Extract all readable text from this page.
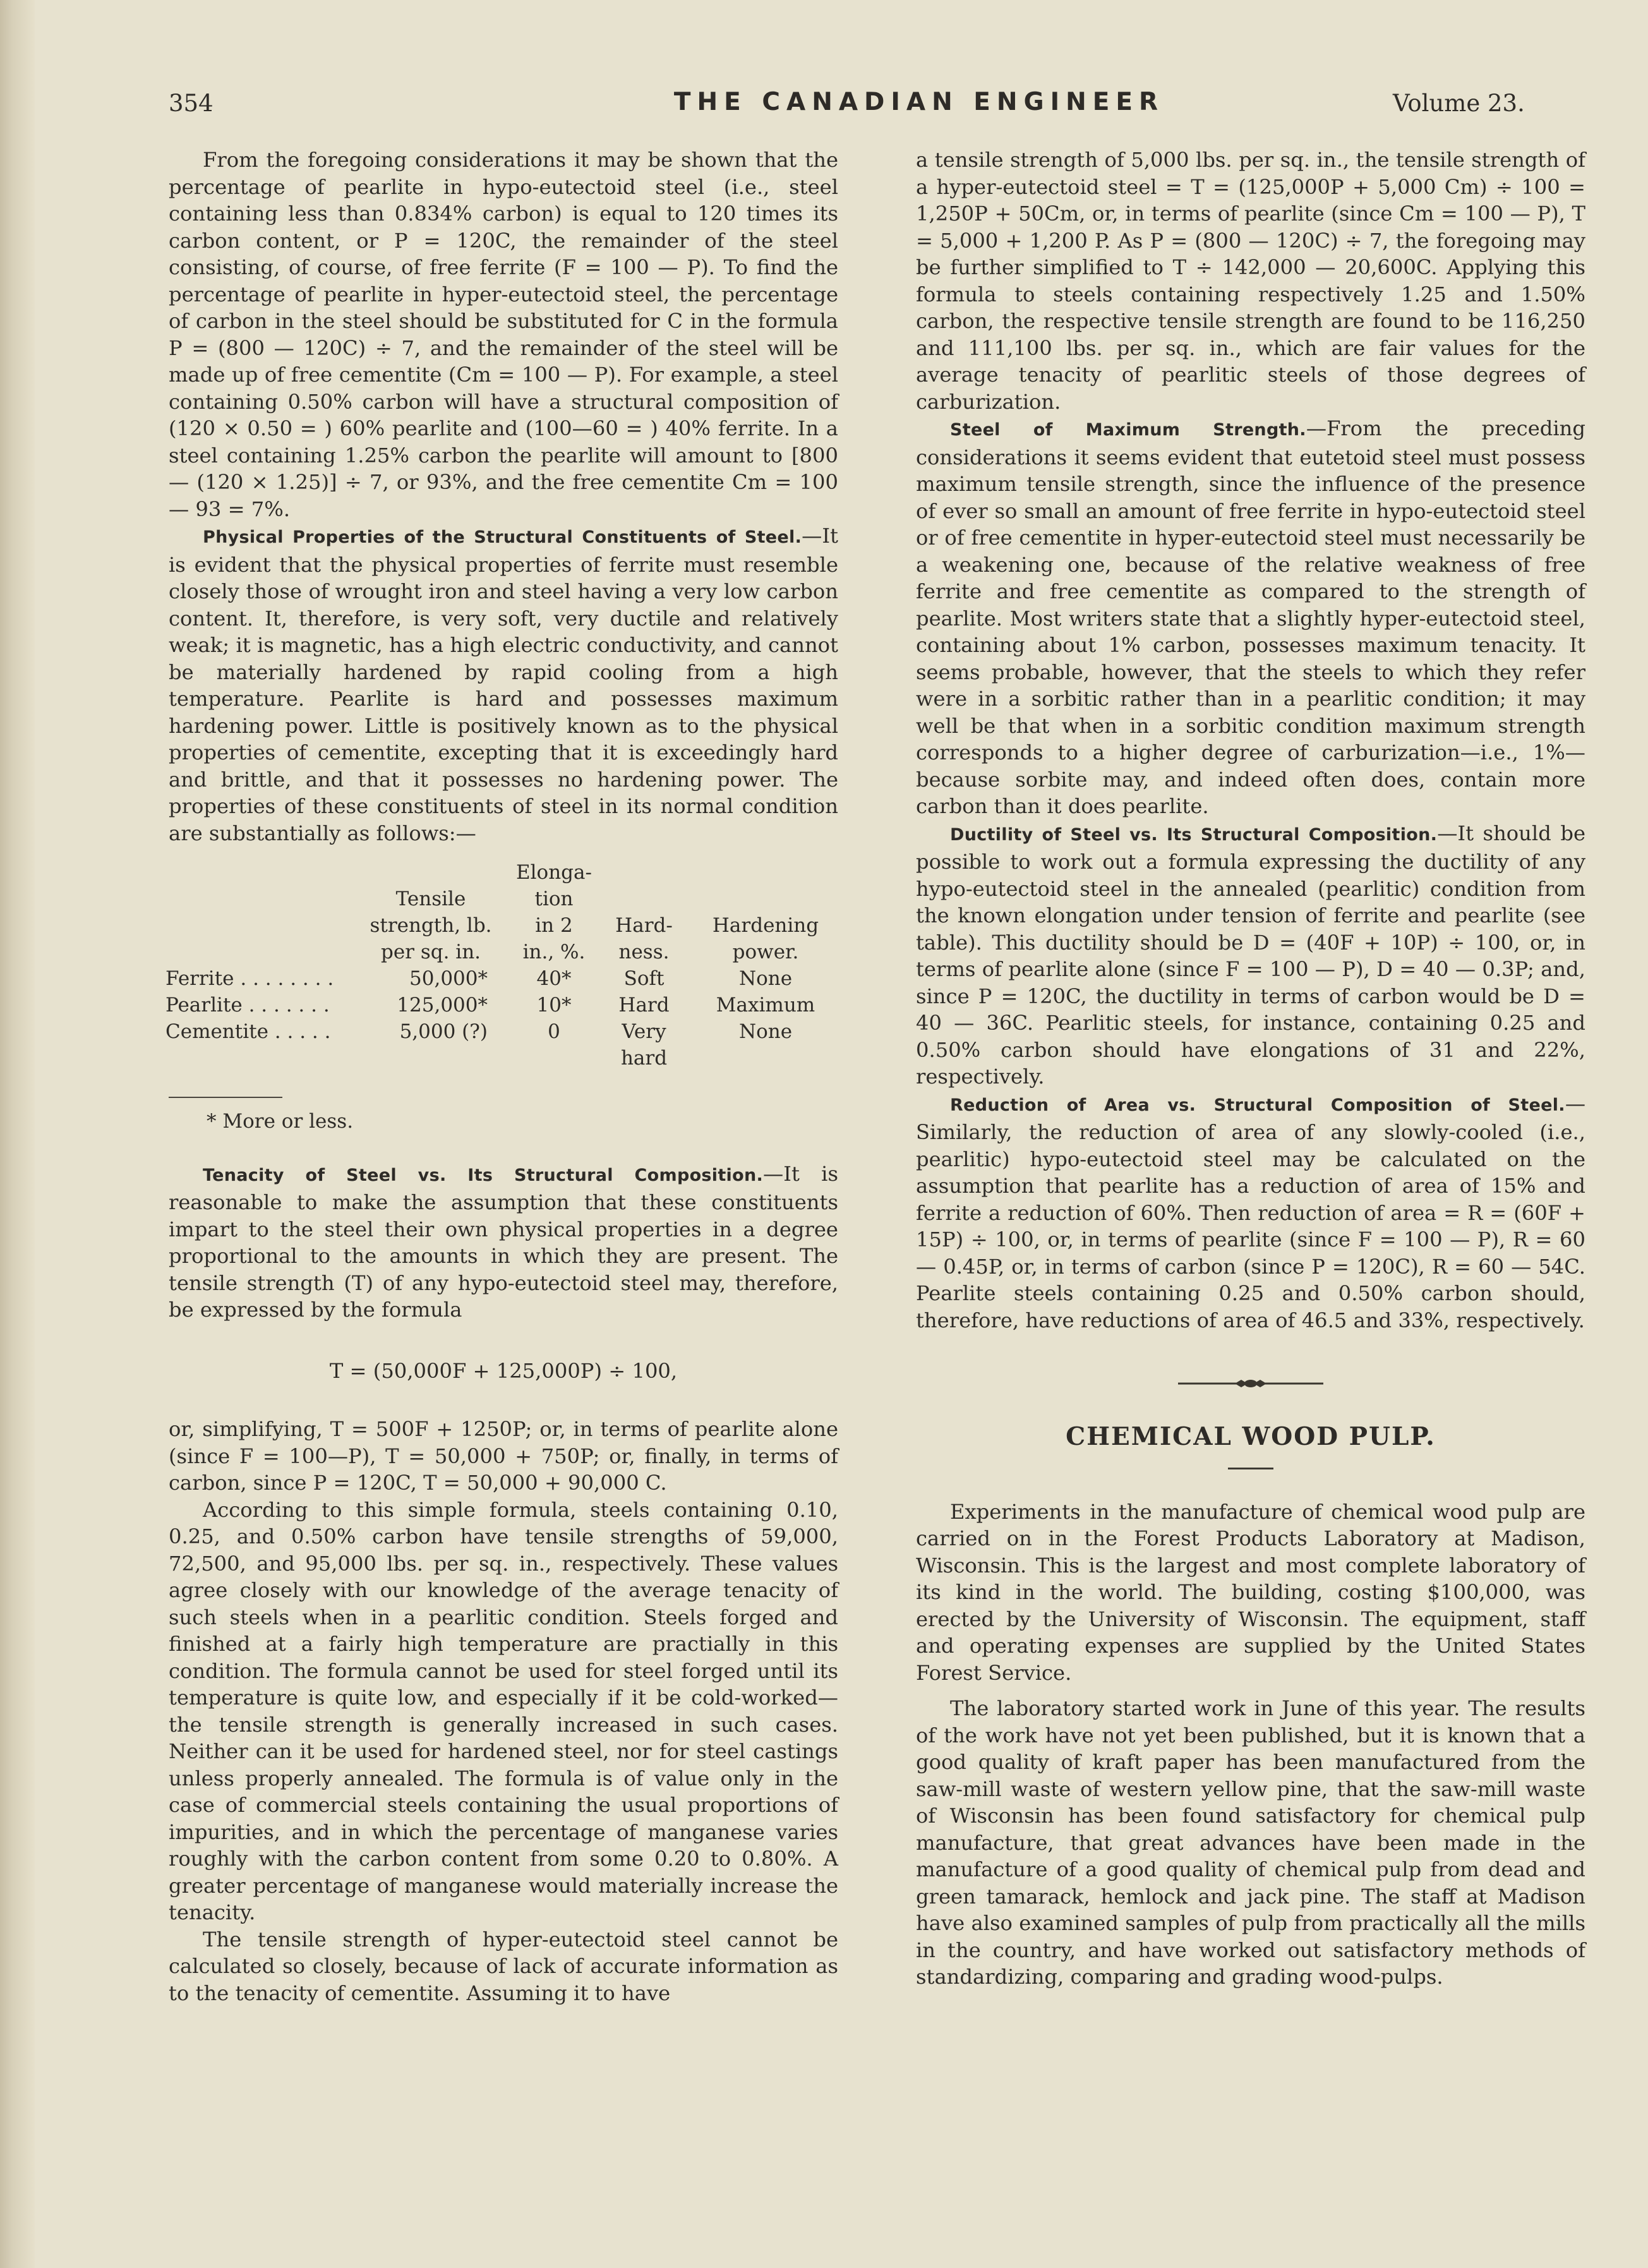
354	THE CANADIAN ENGINEER	Volume 23.

From the foregoing considerations it may be shown that the percentage of pearlite in hypo-eutectoid steel (i.e., steel containing less than 0.834% carbon) is equal to 120 times its carbon content, or P = 120C, the remainder of the steel consisting, of course, of free ferrite (F = 100 — P). To find the percentage of pearlite in hyper-eutectoid steel, the percentage of carbon in the steel should be substituted for C in the formula P = (800 — 120C) ÷ 7, and the remainder of the steel will be made up of free cementite (Cm = 100 — P). For example, a steel containing 0.50% carbon will have a structural composition of (120 × 0.50 = ) 60% pearlite and (100—60 = ) 40% ferrite. In a steel containing 1.25% carbon the pearlite will amount to [800 — (120 × 1.25)] ÷ 7, or 93%, and the free cementite Cm = 100 — 93 = 7%.

Physical Properties of the Structural Constituents of Steel.—It is evident that the physical properties of ferrite must resemble closely those of wrought iron and steel having a very low carbon content. It, therefore, is very soft, very ductile and relatively weak; it is magnetic, has a high electric conductivity, and cannot be materially hardened by rapid cooling from a high temperature. Pearlite is hard and possesses maximum hardening power. Little is positively known as to the physical properties of cementite, excepting that it is exceedingly hard and brittle, and that it possesses no hardening power. The properties of these constituents of steel in its normal condition are substantially as follows:—

		Elonga-		
	Tensile	tion		
	strength, lb.	in 2	Hard-	Hardening
	per sq. in.	in., %.	ness.	power.
Ferrite . . . . . . . .	50,000*	40*	Soft	None
Pearlite . . . . . . .	125,000*	10*	Hard	Maximum
Cementite . . . . .	5,000 (?)	0	Very	None
			hard	
* More or less.

Tenacity of Steel vs. Its Structural Composition.—It is reasonable to make the assumption that these constituents impart to the steel their own physical properties in a degree proportional to the amounts in which they are present. The tensile strength (T) of any hypo-eutectoid steel may, therefore, be expressed by the formula

T = (50,000F + 125,000P) ÷ 100,

or, simplifying, T = 500F + 1250P; or, in terms of pearlite alone (since F = 100—P), T = 50,000 + 750P; or, finally, in terms of carbon, since P = 120C, T = 50,000 + 90,000 C.

According to this simple formula, steels containing 0.10, 0.25, and 0.50% carbon have tensile strengths of 59,000, 72,500, and 95,000 lbs. per sq. in., respectively. These values agree closely with our knowledge of the average tenacity of such steels when in a pearlitic condition. Steels forged and finished at a fairly high temperature are practially in this condition. The formula cannot be used for steel forged until its temperature is quite low, and especially if it be cold-worked—the tensile strength is generally increased in such cases. Neither can it be used for hardened steel, nor for steel castings unless properly annealed. The formula is of value only in the case of commercial steels containing the usual proportions of impurities, and in which the percentage of manganese varies roughly with the carbon content from some 0.20 to 0.80%. A greater percentage of manganese would materially increase the tenacity.

The tensile strength of hyper-eutectoid steel cannot be calculated so closely, because of lack of accurate information as to the tenacity of cementite. Assuming it to have

a tensile strength of 5,000 lbs. per sq. in., the tensile strength of a hyper-eutectoid steel = T = (125,000P + 5,000 Cm) ÷ 100 = 1,250P + 50Cm, or, in terms of pearlite (since Cm = 100 — P), T = 5,000 + 1,200 P. As P = (800 — 120C) ÷ 7, the foregoing may be further simplified to T ÷ 142,000 — 20,600C. Applying this formula to steels containing respectively 1.25 and 1.50% carbon, the respective tensile strength are found to be 116,250 and 111,100 lbs. per sq. in., which are fair values for the average tenacity of pearlitic steels of those degrees of carburization.

Steel of Maximum Strength.—From the preceding considerations it seems evident that eutetoid steel must possess maximum tensile strength, since the influence of the presence of ever so small an amount of free ferrite in hypo-eutectoid steel or of free cementite in hyper-eutectoid steel must necessarily be a weakening one, because of the relative weakness of free ferrite and free cementite as compared to the strength of pearlite. Most writers state that a slightly hyper-eutectoid steel, containing about 1% carbon, possesses maximum tenacity. It seems probable, however, that the steels to which they refer were in a sorbitic rather than in a pearlitic condition; it may well be that when in a sorbitic condition maximum strength corresponds to a higher degree of carburization—i.e., 1%—because sorbite may, and indeed often does, contain more carbon than it does pearlite.

Ductility of Steel vs. Its Structural Composition.—It should be possible to work out a formula expressing the ductility of any hypo-eutectoid steel in the annealed (pearlitic) condition from the known elongation under tension of ferrite and pearlite (see table). This ductility should be D = (40F + 10P) ÷ 100, or, in terms of pearlite alone (since F = 100 — P), D = 40 — 0.3P; and, since P = 120C, the ductility in terms of carbon would be D = 40 — 36C. Pearlitic steels, for instance, containing 0.25 and 0.50% carbon should have elongations of 31 and 22%, respectively.

Reduction of Area vs. Structural Composition of Steel.—Similarly, the reduction of area of any slowly-cooled (i.e., pearlitic) hypo-eutectoid steel may be calculated on the assumption that pearlite has a reduction of area of 15% and ferrite a reduction of 60%. Then reduction of area = R = (60F + 15P) ÷ 100, or, in terms of pearlite (since F = 100 — P), R = 60 — 0.45P, or, in terms of carbon (since P = 120C), R = 60 — 54C. Pearlite steels containing 0.25 and 0.50% carbon should, therefore, have reductions of area of 46.5 and 33%, respectively.

CHEMICAL WOOD PULP.

Experiments in the manufacture of chemical wood pulp are carried on in the Forest Products Laboratory at Madison, Wisconsin. This is the largest and most complete laboratory of its kind in the world. The building, costing $100,000, was erected by the University of Wisconsin. The equipment, staff and operating expenses are supplied by the United States Forest Service.

The laboratory started work in June of this year. The results of the work have not yet been published, but it is known that a good quality of kraft paper has been manufactured from the saw-mill waste of western yellow pine, that the saw-mill waste of Wisconsin has been found satisfactory for chemical pulp manufacture, that great advances have been made in the manufacture of a good quality of chemical pulp from dead and green tamarack, hemlock and jack pine. The staff at Madison have also examined samples of pulp from practically all the mills in the country, and have worked out satisfactory methods of standardizing, comparing and grading wood-pulps.
